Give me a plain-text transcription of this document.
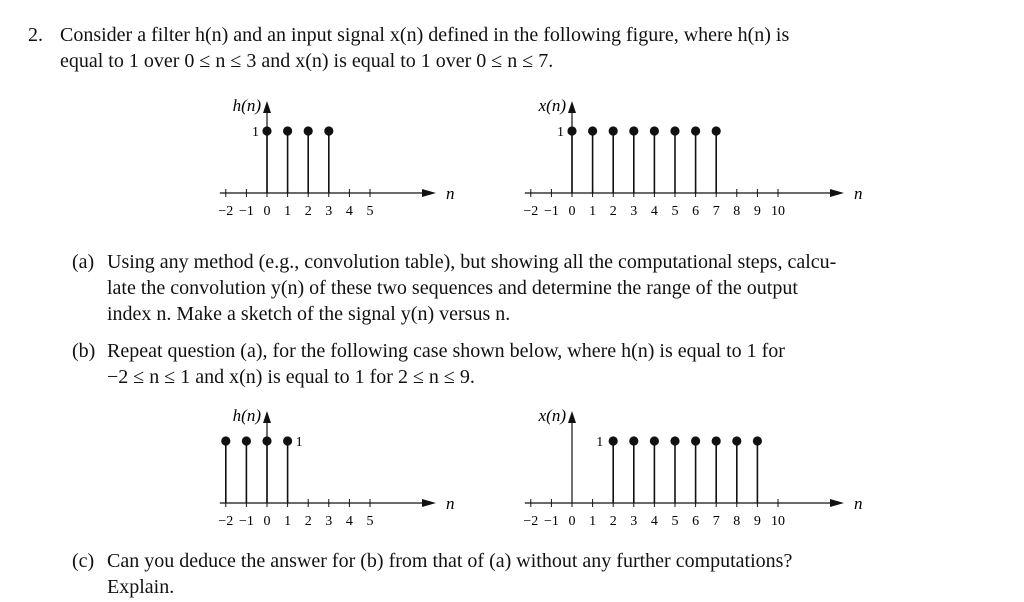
2. Consider a filter h(n) and an input signal x(n) defined in the following figure, where h(n) is
equal to 1 over 0 ≤ n ≤ 3 and x(n) is equal to 1 over 0 ≤ n ≤ 7.
n
h(n)
−2 −1 0 1 2 3 4 5
1
n
x(n)
−2 −1 0 1 2 3 4 5 6 7 8 9 10
1
(a) Using any method (e.g., convolution table), but showing all the computational steps, calcu-
late the convolution y(n) of these two sequences and determine the range of the output
index n. Make a sketch of the signal y(n) versus n.
(b) Repeat question (a), for the following case shown below, where h(n) is equal to 1 for
−2 ≤ n ≤ 1 and x(n) is equal to 1 for 2 ≤ n ≤ 9.
n
h(n)
−2 −1 0 1 2 3 4 5
1
n
x(n)
−2 −1 0 1 2 3 4 5 6 7 8 9 10
1
(c) Can you deduce the answer for (b) from that of (a) without any further computations?
Explain.
